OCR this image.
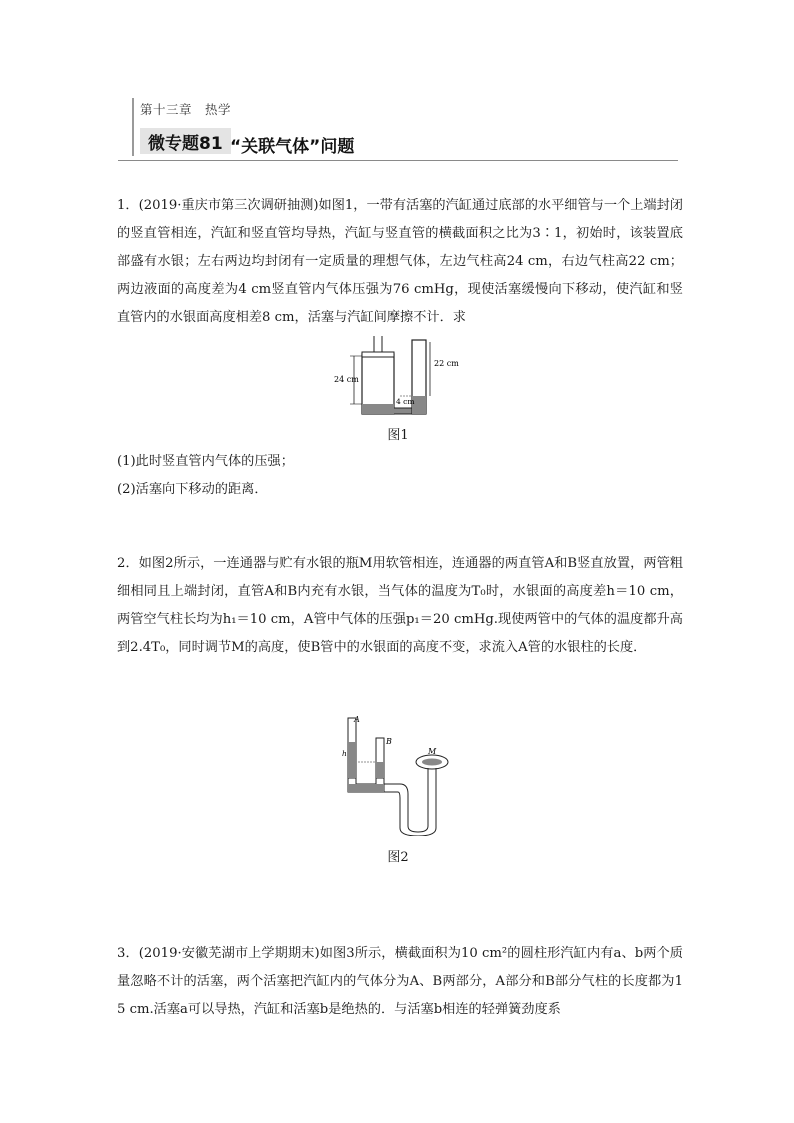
第十三章　热学
微专题81 “关联气体”问题
1．(2019·重庆市第三次调研抽测)如图1，一带有活塞的汽缸通过底部的水平细管与一个上端封闭的竖直管相连，汽缸和竖直管均导热，汽缸与竖直管的横截面积之比为3∶1，初始时，该装置底部盛有水银；左右两边均封闭有一定质量的理想气体，左边气柱高24 cm，右边气柱高22 cm；两边液面的高度差为4 cm竖直管内气体压强为76 cmHg，现使活塞缓慢向下移动，使汽缸和竖直管内的水银面高度相差8 cm，活塞与汽缸间摩擦不计．求
24 cm
22 cm
4 cm
图1
(1)此时竖直管内气体的压强；
(2)活塞向下移动的距离．
2．如图2所示，一连通器与贮有水银的瓶M用软管相连，连通器的两直管A和B竖直放置，两管粗细相同且上端封闭，直管A和B内充有水银，当气体的温度为T₀时，水银面的高度差h＝10 cm，两管空气柱长均为h₁＝10 cm，A管中气体的压强p₁＝20 cmHg.现使两管中的气体的温度都升高到2.4T₀，同时调节M的高度，使B管中的水银面的高度不变，求流入A管的水银柱的长度．
A
B
h	M
图2
3．(2019·安徽芜湖市上学期期末)如图3所示，横截面积为10 cm²的圆柱形汽缸内有a、b两个质量忽略不计的活塞，两个活塞把汽缸内的气体分为A、B两部分，A部分和B部分气柱的长度都为15 cm.活塞a可以导热，汽缸和活塞b是绝热的．与活塞b相连的轻弹簧劲度系
